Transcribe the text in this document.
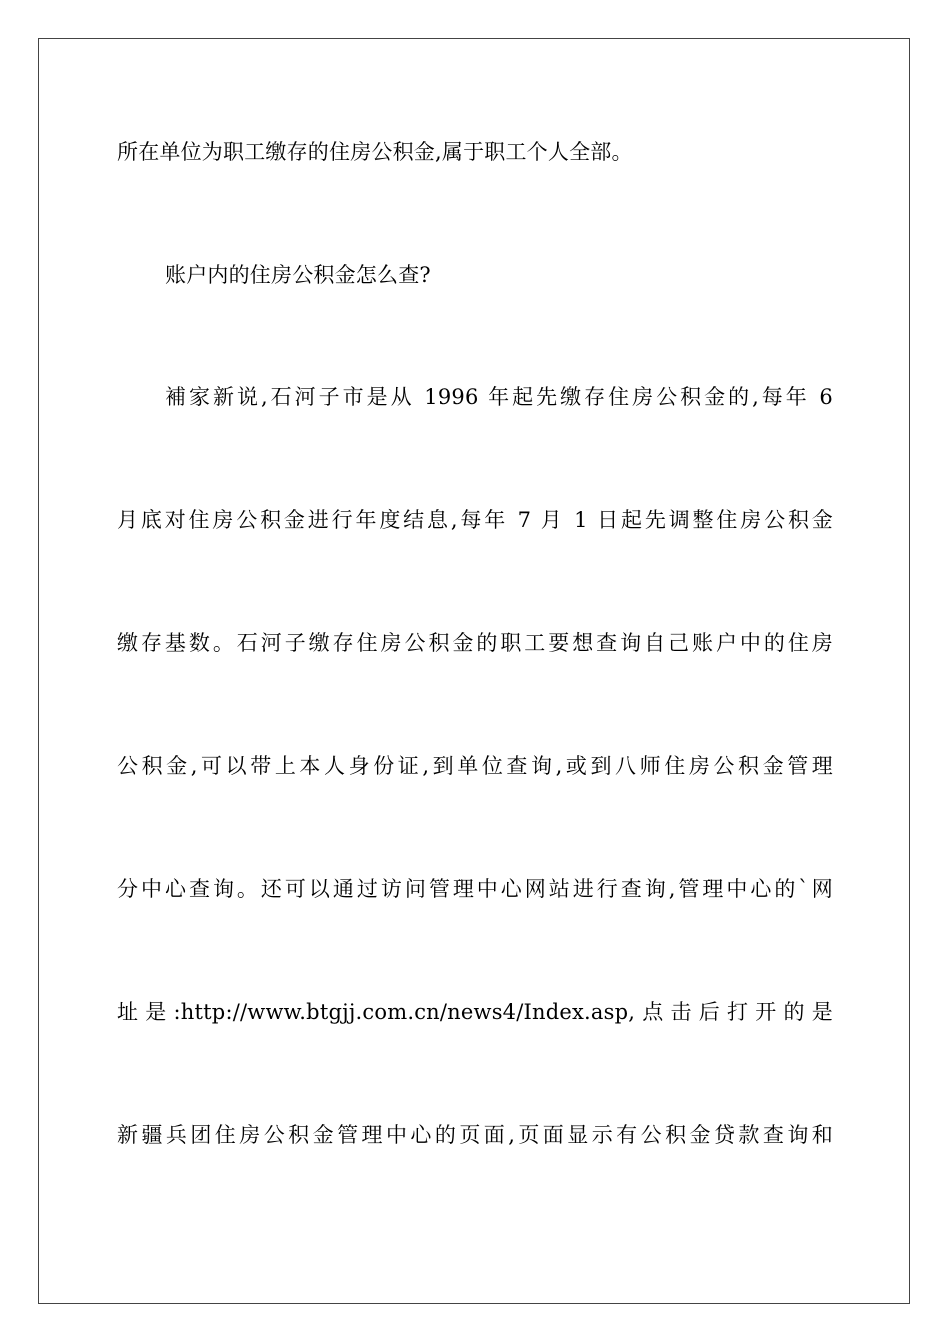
所在单位为职工缴存的住房公积金,属于职工个人全部。
账户内的住房公积金怎么查?
補家新说,石河子市是从 1996 年起先缴存住房公积金的,每年 6
月底对住房公积金进行年度结息,每年 7 月 1 日起先调整住房公积金
缴存基数。石河子缴存住房公积金的职工要想查询自己账户中的住房
公积金,可以带上本人身份证,到单位查询,或到八师住房公积金管理
分中心查询。还可以通过访问管理中心网站进行查询,管理中心的`网
址是:http://www.btgjj.com.cn/news4/Index.asp,点击后打开的是
新疆兵团住房公积金管理中心的页面,页面显示有公积金贷款查询和
